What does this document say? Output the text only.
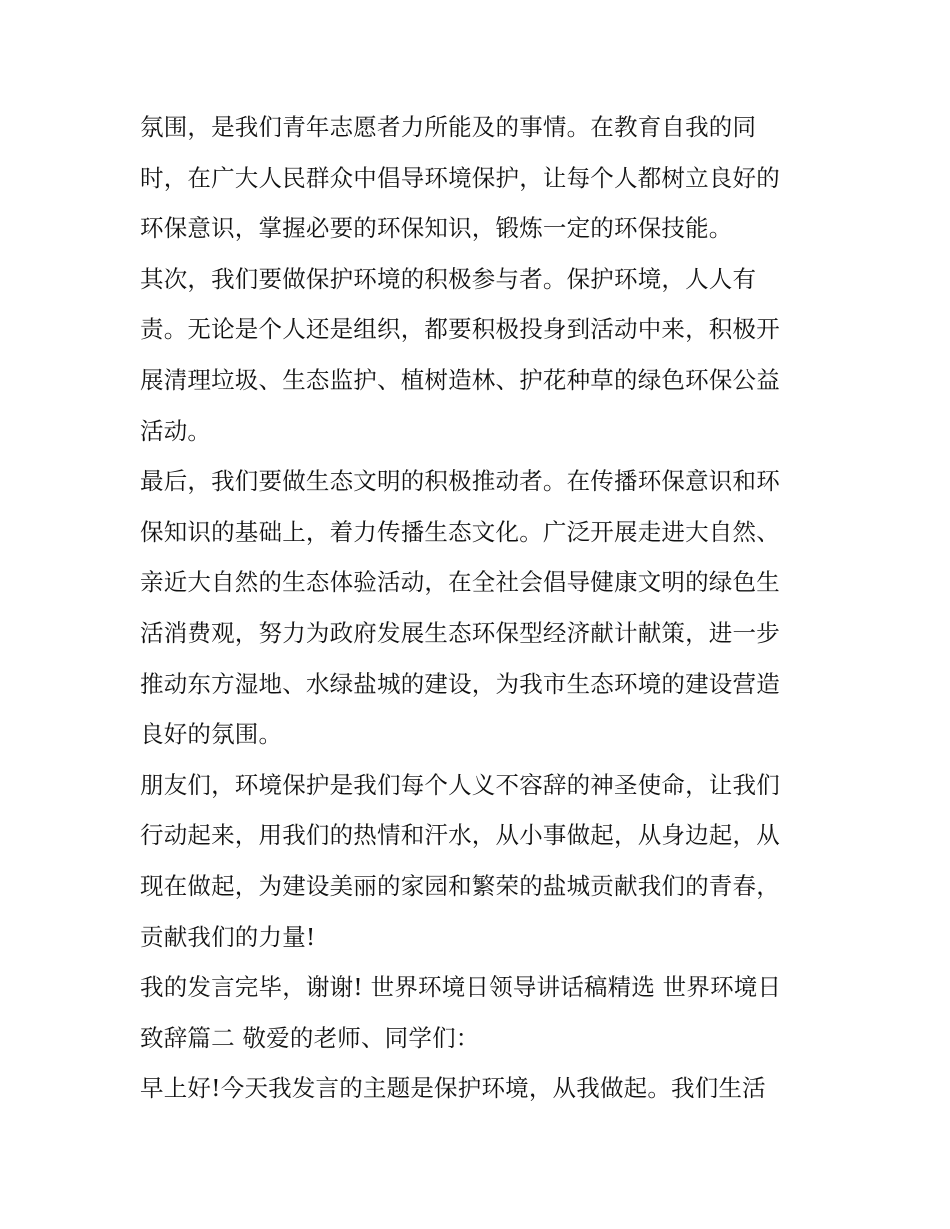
氛围，是我们青年志愿者力所能及的事情。在教育自我的同
时，在广大人民群众中倡导环境保护，让每个人都树立良好的
环保意识，掌握必要的环保知识，锻炼一定的环保技能。
其次，我们要做保护环境的积极参与者。保护环境，人人有
责。无论是个人还是组织，都要积极投身到活动中来，积极开
展清理垃圾、生态监护、植树造林、护花种草的绿色环保公益
活动。
最后，我们要做生态文明的积极推动者。在传播环保意识和环
保知识的基础上，着力传播生态文化。广泛开展走进大自然、
亲近大自然的生态体验活动，在全社会倡导健康文明的绿色生
活消费观，努力为政府发展生态环保型经济献计献策，进一步
推动东方湿地、水绿盐城的建设，为我市生态环境的建设营造
良好的氛围。
朋友们，环境保护是我们每个人义不容辞的神圣使命，让我们
行动起来，用我们的热情和汗水，从小事做起，从身边起，从
现在做起，为建设美丽的家园和繁荣的盐城贡献我们的青春，
贡献我们的力量!
我的发言完毕，谢谢! 世界环境日领导讲话稿精选 世界环境日
致辞篇二 敬爱的老师、同学们：
早上好!今天我发言的主题是保护环境，从我做起。我们生活
